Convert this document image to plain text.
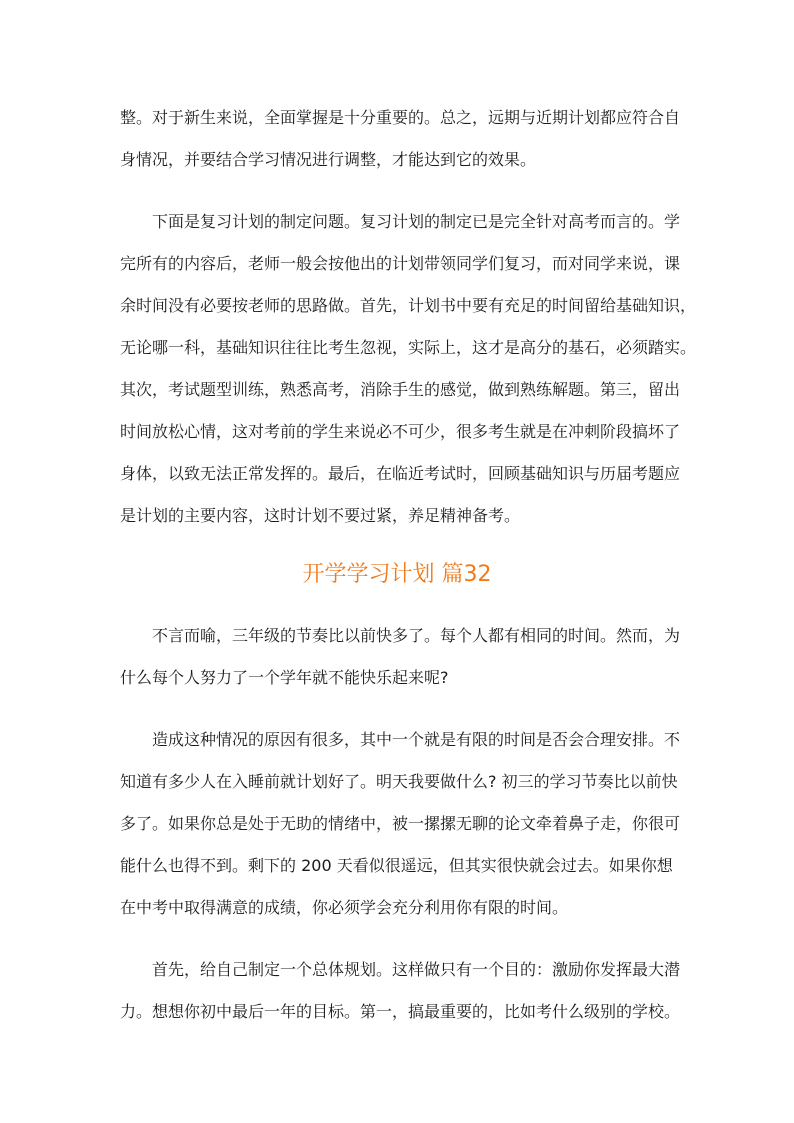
整。对于新生来说，全面掌握是十分重要的。总之，远期与近期计划都应符合自
身情况，并要结合学习情况进行调整，才能达到它的效果。
下面是复习计划的制定问题。复习计划的制定已是完全针对高考而言的。学
完所有的内容后，老师一般会按他出的计划带领同学们复习，而对同学来说，课
余时间没有必要按老师的思路做。首先，计划书中要有充足的时间留给基础知识，
无论哪一科，基础知识往往比考生忽视，实际上，这才是高分的基石，必须踏实。
其次，考试题型训练，熟悉高考，消除手生的感觉，做到熟练解题。第三，留出
时间放松心情，这对考前的学生来说必不可少，很多考生就是在冲刺阶段搞坏了
身体，以致无法正常发挥的。最后，在临近考试时，回顾基础知识与历届考题应
是计划的主要内容，这时计划不要过紧，养足精神备考。
开学学习计划 篇32
不言而喻，三年级的节奏比以前快多了。每个人都有相同的时间。然而，为
什么每个人努力了一个学年就不能快乐起来呢?
造成这种情况的原因有很多，其中一个就是有限的时间是否会合理安排。不
知道有多少人在入睡前就计划好了。明天我要做什么? 初三的学习节奏比以前快
多了。如果你总是处于无助的情绪中，被一摞摞无聊的论文牵着鼻子走，你很可
能什么也得不到。剩下的 200 天看似很遥远，但其实很快就会过去。如果你想
在中考中取得满意的成绩，你必须学会充分利用你有限的时间。
首先，给自己制定一个总体规划。这样做只有一个目的：激励你发挥最大潜
力。想想你初中最后一年的目标。第一，搞最重要的，比如考什么级别的学校。
